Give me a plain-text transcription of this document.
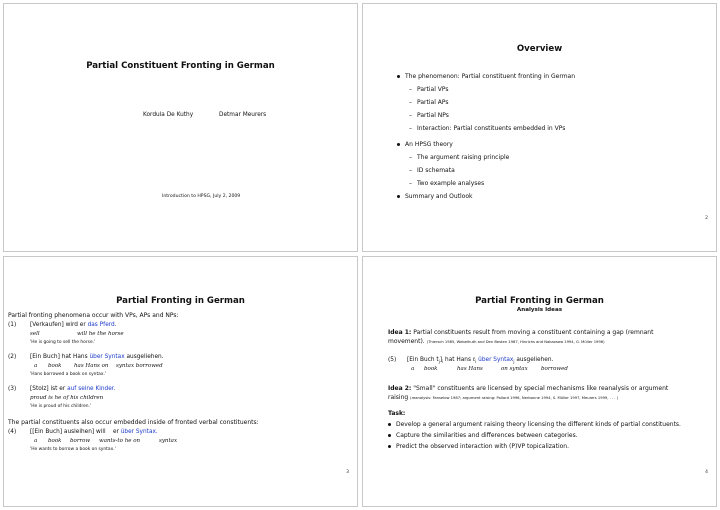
Partial Constituent Fronting in German
Kordula De Kuthy	Detmar Meurers
Introduction to HPSG, July 2, 2009
Overview
The phenomenon: Partial constituent fronting in German
– Partial VPs
– Partial APs
– Partial NPs
– Interaction: Partial constituents embedded in VPs
An HPSG theory
– The argument raising principle
– ID schemata
– Two example analyses
Summary and Outlook
2
Partial Fronting in German
Partial fronting phenomena occur with VPs, APs and NPs:
(1) [Verkaufen] wird er das Pferd.
sell	will he the horse
'He is going to sell the horse.'
(2) [Ein Buch] hat Hans über Syntax ausgeliehen.
a book has Hans on syntax borrowed
'Hans borrowed a book on syntax.'
(3) [Stolz] ist er auf seine Kinder.
proud is he of his children
'He is proud of his children.'
The partial constituents also occur embedded inside of fronted verbal constituents:
(4) [[Ein Buch] ausleihen] will er über Syntax.
a book borrow wants-to he on	syntax
'He wants to borrow a book on syntax.'
3
Partial Fronting in German
Analysis Ideas
Idea 1: Partial constituents result from moving a constituent containing a gap (remnant
movement). (Thiersch 1985, Webelhuth and Den Besten 1987, Hinrichs and Nakazawa 1994, G. Müller 1996)
(5) [Ein Buch $t_j]_i$ hat Hans $t_i$ über Syntax$_j$ ausgeliehen.
a book	has Hans	on syntax borrowed
Idea 2: "Small" constituents are licensed by special mechanisms like reanalysis or argument
raising (reanalysis: Fanselow 1987; argument raising: Pollard 1996, Nerbonne 1994, S. Müller 1997, Meurers 1999, . . . )
Task:
Develop a general argument raising theory licensing the different kinds of partial constituents.
Capture the similarities and differences between categories.
Predict the observed interaction with (P)VP topicalization.
4
